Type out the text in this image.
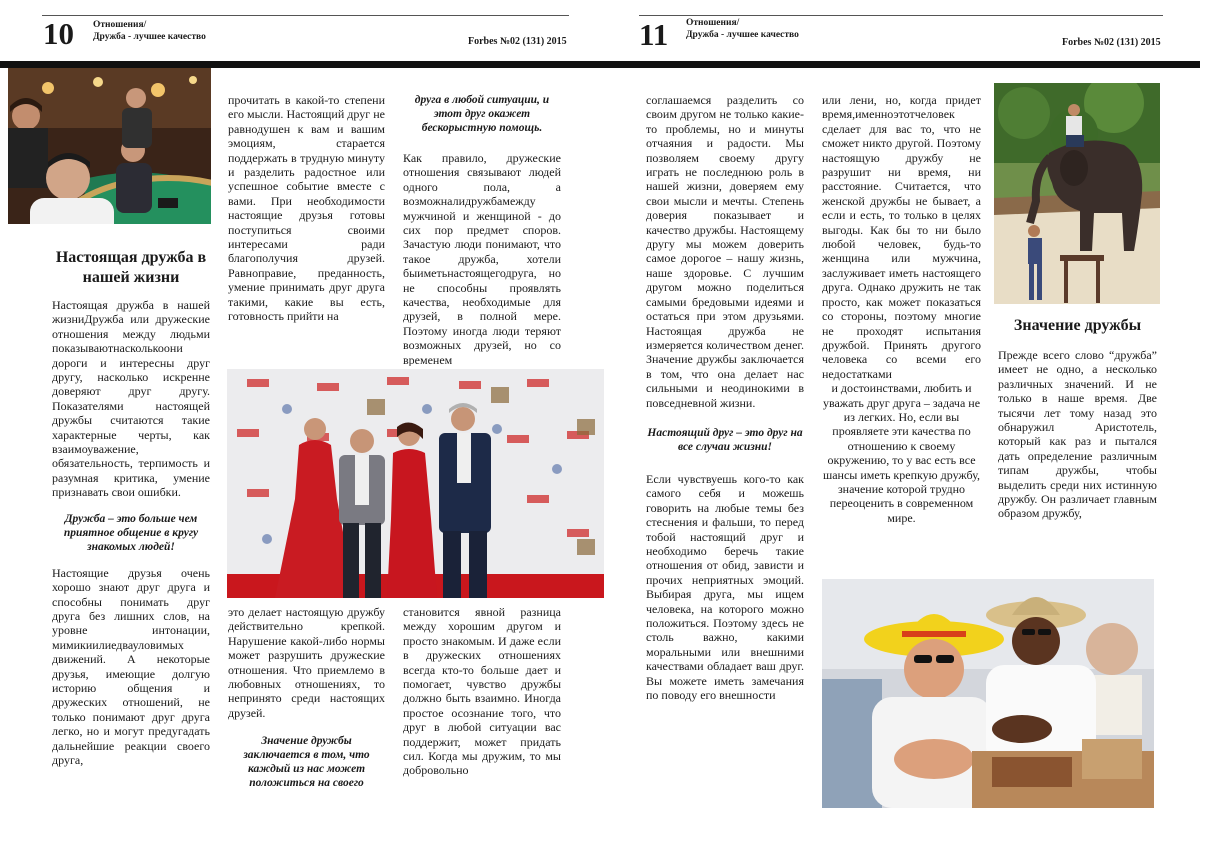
10 Отношения/
Дружба - лучшее качество	Forbes №02 (131) 2015 11 Отношения/
Дружба - лучшее качество
Forbes №02 (131) 2015
Настоящая дружба в нашей жизни

Настоящая дружба в нашей жизниДружба или дружеские отношения между людьми показываютнасколькоони дороги и интересны друг другу, насколько искренне доверяют друг другу. Показателями настоящей дружбы считаются такие характерные черты, как взаимоуважение, обязательность, терпимость и разумная критика, умение признавать свои ошибки.

Дружба – это больше чем приятное общение в кругу знакомых людей!

Настоящие друзья очень хорошо знают друг друга и способны понимать друг друга без лишних слов, на уровне интонации, мимикиилиедвауловимых движений. А некоторые друзья, имеющие долгую историю общения и дружеских отношений, не только понимают друг друга легко, но и могут предугадать дальнейшие реакции своего друга,

прочитать в какой-то степени его мысли. Настоящий друг не равнодушен к вам и вашим эмоциям, старается поддержать в трудную минуту и разделить радостное или успешное событие вместе с вами. При необходимости настоящие друзья готовы поступиться своими интересами ради благополучия друзей. Равноправие, преданность, умение принимать друг друга такими, какие вы есть, готовность прийти на

друга в любой ситуации, и этот друг окажет бескорыстную помощь.

Как правило, дружеские отношения связывают людей одного пола, а возможналидружбамежду мужчиной и женщиной - до сих пор предмет споров. Зачастую люди понимают, что такое дружба, хотели быиметьнастоящегодруга, но не способны проявлять качества, необходимые для друзей, в полной мере. Поэтому иногда люди теряют возможных друзей, но со временем

это делает настоящую дружбу действительно крепкой. Нарушение какой-либо нормы может разрушить дружеские отношения. Что приемлемо в любовных отношениях, то непринято среди настоящих друзей.

Значение дружбы заключается в том, что каждый из нас может положиться на своего

становится явной разница между хорошим другом и просто знакомым. И даже если в дружеских отношениях всегда кто-то больше дает и помогает, чувство дружбы должно быть взаимно. Иногда простое осознание того, что друг в любой ситуации вас поддержит, может придать сил. Когда мы дружим, то мы добровольно

соглашаемся разделить со своим другом не только какие-то проблемы, но и минуты отчаяния и радости. Мы позволяем своему другу играть не последнюю роль в нашей жизни, доверяем ему свои мысли и мечты. Степень доверия показывает и качество дружбы. Настоящему другу мы можем доверить самое дорогое – нашу жизнь, наше здоровье. С лучшим другом можно поделиться самыми бредовыми идеями и остаться при этом друзьями. Настоящая дружба не измеряется количеством денег. Значение дружбы заключается в том, что она делает нас сильными и неодинокими в повседневной жизни.

Настоящий друг – это друг на все случаи жизни!

Если чувствуешь кого-то как самого себя и можешь говорить на любые темы без стеснения и фальши, то перед тобой настоящий друг и необходимо беречь такие отношения от обид, зависти и прочих неприятных эмоций. Выбирая друга, мы ищем человека, на которого можно положиться. Поэтому здесь не столь важно, какими моральными или внешними качествами обладает ваш друг. Вы можете иметь замечания по поводу его внешности

или лени, но, когда придет время,именноэтотчеловек сделает для вас то, что не сможет никто другой. Поэтому настоящую дружбу не разрушит ни время, ни расстояние. Считается, что женской дружбы не бывает, а если и есть, то только в целях выгоды. Как бы то ни было любой человек, будь-то женщина или мужчина, заслуживает иметь настоящего друга. Однако дружить не так просто, как может показаться со стороны, поэтому многие не проходят испытания дружбой. Принять другого человека со всеми его недостатками

и достоинствами, любить и уважать друг друга – задача не из легких. Но, если вы проявляете эти качества по отношению к своему окружению, то у вас есть все шансы иметь крепкую дружбу, значение которой трудно переоценить в современном мире.

Значение дружбы

Прежде всего слово “дружба” имеет не одно, а несколько различных значений. И не только в наше время. Две тысячи лет тому назад это обнаружил Аристотель, который как раз и пытался дать определение различным типам дружбы, чтобы выделить среди них истинную дружбу. Он различает главным образом дружбу,
